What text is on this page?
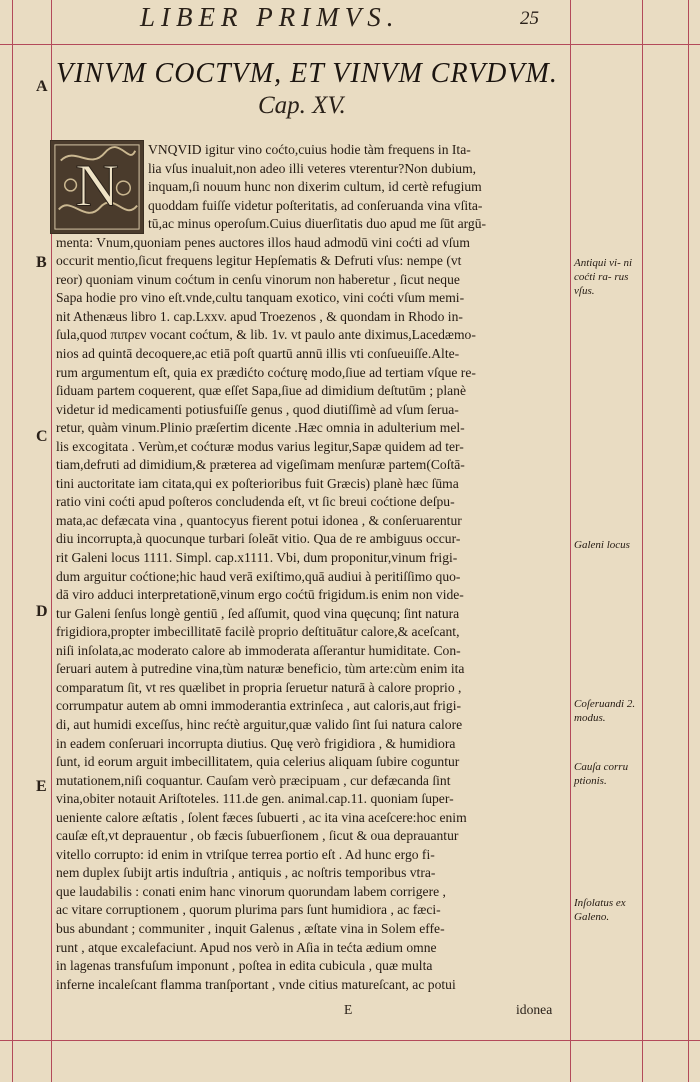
LIBER PRIMVS.	25
A
B
C
D
E
VINVM COCTVM, ET VINVM CRVDVM.
Cap. XV.
N
VNQVID igitur vino coćto,cuius hodie tàm frequens in Ita-
lia vſus inualuit,non adeo illi veteres vterentur?Non dubium,
inquam,ſi nouum hunc non dixerim cultum, id certè refugium
quoddam fuiſſe videtur poſteritatis, ad conſeruanda vina vſita-
tū,ac minus operoſum.Cuius diuerſitatis duo apud me ſūt argū-
menta: Vnum,quoniam penes auctores illos haud admodū vini coćti ad vſum
occurit mentio,ſicut frequens legitur Hepſematis & Defruti vſus: nempe (vt
reor) quoniam vinum coćtum in cenſu vinorum non haberetur , ſicut neque
Sapa hodie pro vino eſt.vnde,cultu tanquam exotico, vini coćti vſum memi-
nit Athenæus libro 1. cap.Lxxv. apud Troezenos , & quondam in Rhodo in-
ſula,quod πιπρεν vocant coćtum, & lib. 1v. vt paulo ante diximus,Lacedæmo-
nios ad quintā decoquere,ac etiā poſt quartū annū illis vti conſueuiſſe.Alte-
rum argumentum eſt, quia ex prædićto coćturę modo,ſiue ad tertiam vſque re-
ſiduam partem coquerent, quæ eſſet Sapa,ſiue ad dimidium deſtutūm ; planè
videtur id medicamenti potiusfuiſſe genus , quod diutiſſimè ad vſum ſerua-
retur, quàm vinum.Plinio præſertim dicente .Hæc omnia in adulterium mel-
lis excogitata . Verùm,et coćturæ modus varius legitur,Sapæ quidem ad ter-
tiam,defruti ad dimidium,& præterea ad vigeſimam menſuræ partem(Coſtā-
tini auctoritate iam citata,qui ex poſterioribus fuit Græcis) planè hæc ſūma
ratio vini coćti apud poſteros concludenda eſt, vt ſic breui coćtione deſpu-
mata,ac defæcata vina , quantocyus fierent potui idonea , & conſeruarentur
diu incorrupta,à quocunque turbari ſoleāt vitio. Qua de re ambiguus occur-
rit Galeni locus 1111. Simpl. cap.x1111. Vbi, dum proponitur,vinum frigi-
dum arguitur coćtione;hic haud verā exiſtimo,quā audiui à peritiſſimo quo-
dā viro adduci interpretationē,vinum ergo coćtū frigidum.is enim non vide-
tur Galeni ſenſus longè gentiū , ſed aſſumit, quod vina quęcunq; ſint natura
frigidiora,propter imbecillitatē facilè proprio deſtituātur calore,& aceſcant,
niſi inſolata,ac moderato calore ab immoderata aſſerantur humiditate. Con-
ſeruari autem à putredine vina,tùm naturæ beneficio, tùm arte:cùm enim ita
comparatum ſit, vt res quælibet in propria ſeruetur naturā à calore proprio ,
corrumpatur autem ab omni immoderantia extrinſeca , aut caloris,aut frigi-
di, aut humidi exceſſus, hinc rećtè arguitur,quæ valido ſint ſui natura calore
in eadem conſeruari incorrupta diutius. Quę verò frigidiora , & humidiora
ſunt, id eorum arguit imbecillitatem, quia celerius aliquam ſubire coguntur
mutationem,niſi coquantur. Cauſam verò præcipuam , cur defæcanda ſint
vina,obiter notauit Ariſtoteles. 111.de gen. animal.cap.11. quoniam ſuper-
ueniente calore æſtatis , ſolent fæces ſubuerti , ac ita vina aceſcere:hoc enim
cauſæ eſt,vt deprauentur , ob fæcis ſubuerſionem , ſicut & oua deprauantur
vitello corrupto: id enim in vtriſque terrea portio eſt . Ad hunc ergo fi-
nem duplex ſubijt artis induſtria , antiquis , ac noſtris temporibus vtra-
que laudabilis : conati enim hanc vinorum quorundam labem corrigere ,
ac vitare corruptionem , quorum plurima pars ſunt humidiora , ac fæci-
bus abundant ; communiter , inquit Galenus , æſtate vina in Solem effe-
runt , atque excalefaciunt. Apud nos verò in Aſia in tećta ædium omne
in lagenas transfuſum imponunt , poſtea in edita cubicula , quæ multa
inferne incaleſcant flamma tranſportant , vnde citius matureſcant, ac potui
Antiqui vi- ni coćti ra- rus vſus.
Galeni locus
Coſeruandi 2. modus.
Cauſa corru ptionis.
Inſolatus ex Galeno.
E	idonea
